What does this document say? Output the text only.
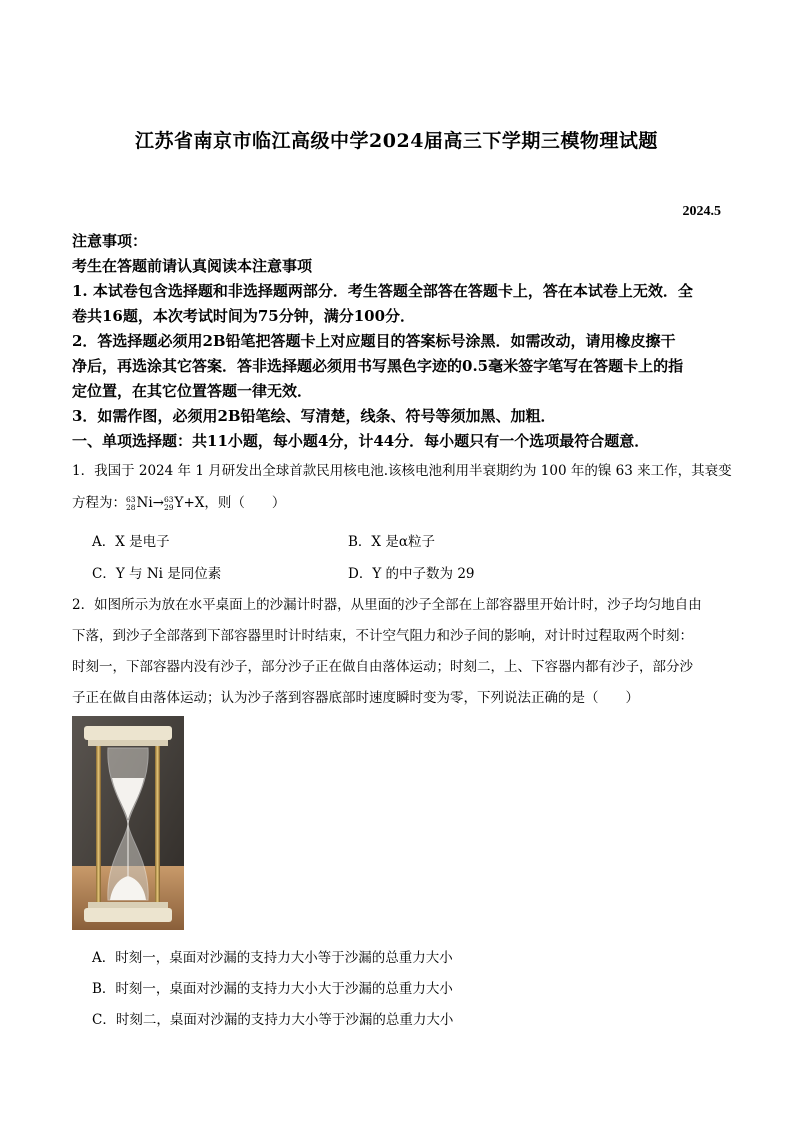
江苏省南京市临江高级中学2024届高三下学期三模物理试题
2024.5
注意事项：
考生在答题前请认真阅读本注意事项
1. 本试卷包含选择题和非选择题两部分．考生答题全部答在答题卡上，答在本试卷上无效．全
卷共16题，本次考试时间为75分钟，满分100分．
2．答选择题必须用2B铅笔把答题卡上对应题目的答案标号涂黑．如需改动，请用橡皮擦干
净后，再选涂其它答案．答非选择题必须用书写黑色字迹的0.5毫米签字笔写在答题卡上的指
定位置，在其它位置答题一律无效．
3．如需作图，必须用2B铅笔绘、写清楚，线条、符号等须加黑、加粗．
一、单项选择题：共11小题，每小题4分，计44分．每小题只有一个选项最符合题意．
1．我国于 2024 年 1 月研发出全球首款民用核电池.该核电池利用半衰期约为 100 年的镍 63 来工作，其衰变
方程为： 63
28 Ni→ 63
29 Y+X，则（　　）
A．X 是电子	B．X 是α粒子
C．Y 与 Ni 是同位素	D．Y 的中子数为 29
2．如图所示为放在水平桌面上的沙漏计时器，从里面的沙子全部在上部容器里开始计时，沙子均匀地自由
下落，到沙子全部落到下部容器里时计时结束，不计空气阻力和沙子间的影响，对计时过程取两个时刻：
时刻一，下部容器内没有沙子，部分沙子正在做自由落体运动；时刻二，上、下容器内都有沙子，部分沙
子正在做自由落体运动；认为沙子落到容器底部时速度瞬时变为零，下列说法正确的是（　　）
A．时刻一，桌面对沙漏的支持力大小等于沙漏的总重力大小
B．时刻一，桌面对沙漏的支持力大小大于沙漏的总重力大小
C．时刻二，桌面对沙漏的支持力大小等于沙漏的总重力大小
